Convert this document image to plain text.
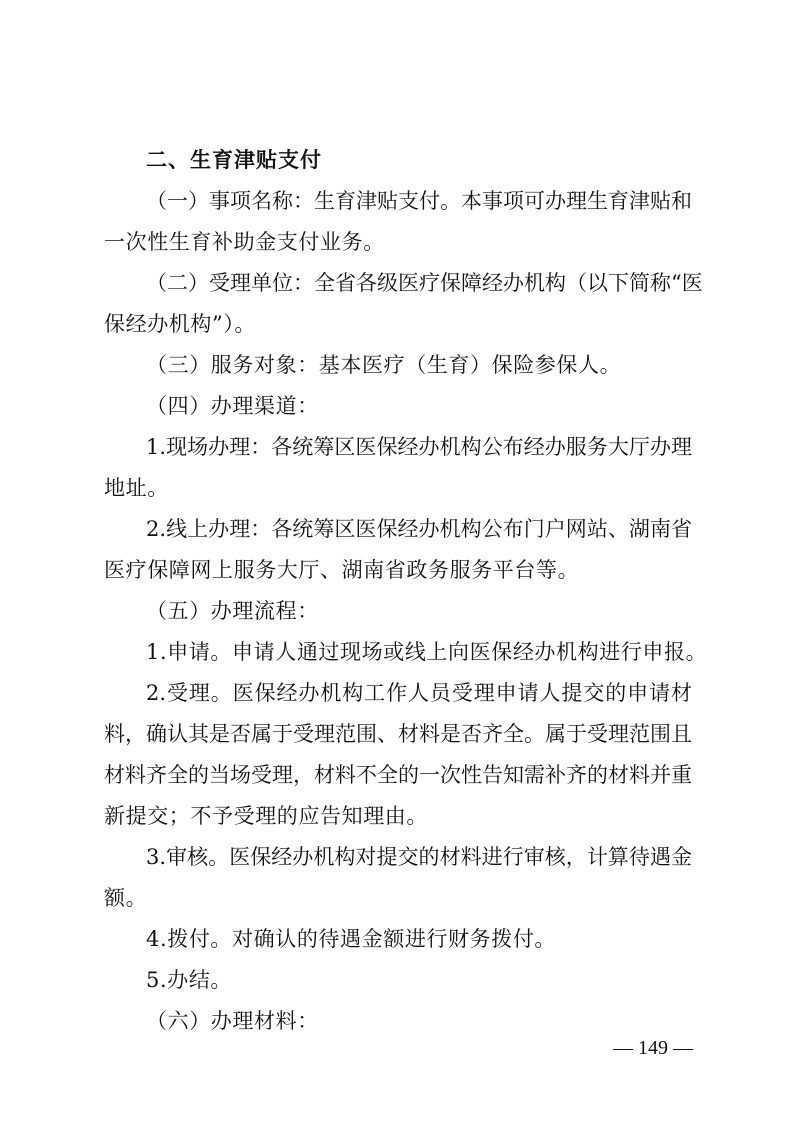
二、生育津贴支付
（一）事项名称：生育津贴支付。本事项可办理生育津贴和
一次性生育补助金支付业务。
（二）受理单位：全省各级医疗保障经办机构（以下简称“医
保经办机构”）。
（三）服务对象：基本医疗（生育）保险参保人。
（四）办理渠道：
1.现场办理：各统筹区医保经办机构公布经办服务大厅办理
地址。
2.线上办理：各统筹区医保经办机构公布门户网站、湖南省
医疗保障网上服务大厅、湖南省政务服务平台等。
（五）办理流程：
1.申请。申请人通过现场或线上向医保经办机构进行申报。
2.受理。医保经办机构工作人员受理申请人提交的申请材
料，确认其是否属于受理范围、材料是否齐全。属于受理范围且
材料齐全的当场受理，材料不全的一次性告知需补齐的材料并重
新提交；不予受理的应告知理由。
3.审核。医保经办机构对提交的材料进行审核，计算待遇金
额。
4.拨付。对确认的待遇金额进行财务拨付。
5.办结。
（六）办理材料：
— 149 —
